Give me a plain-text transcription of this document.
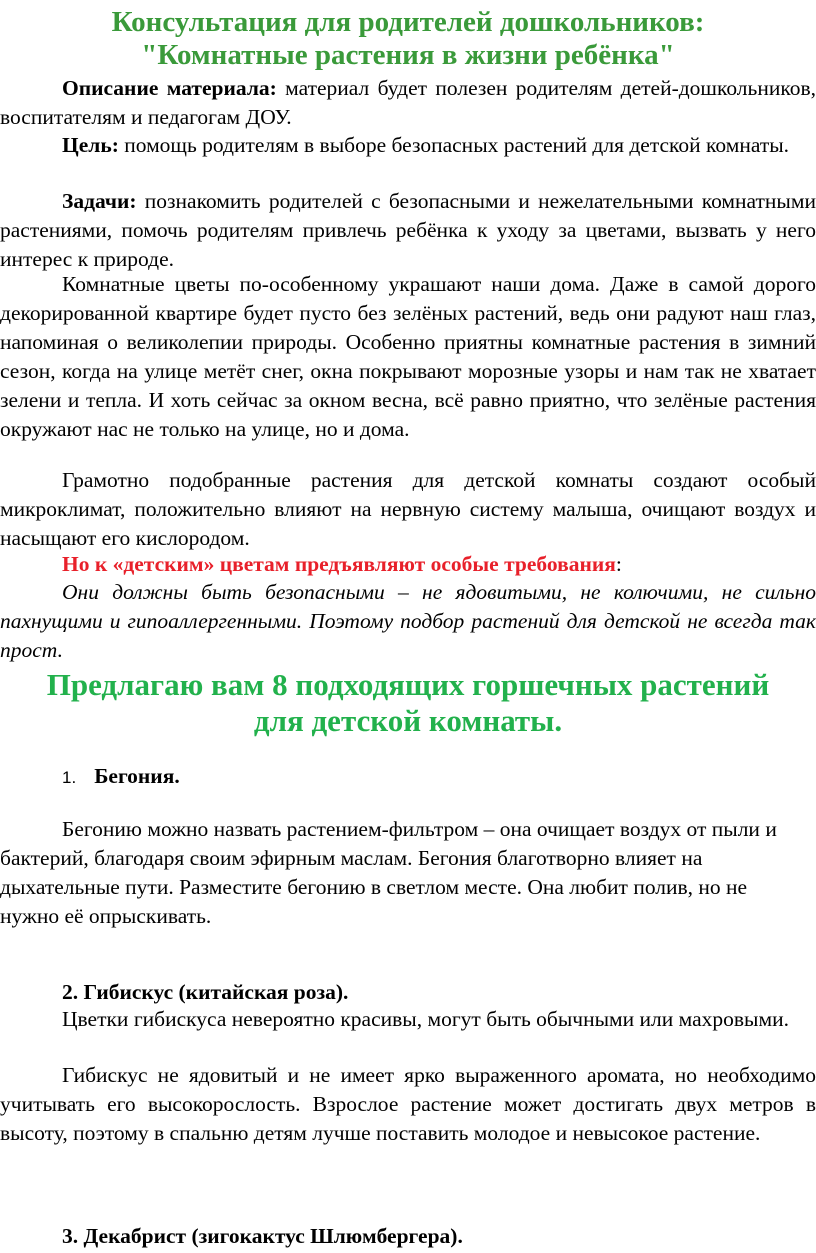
Консультация для родителей дошкольников:

"Комнатные растения в жизни ребёнка"

Описание материала: материал будет полезен родителям детей-дошкольников, воспитателям и педагогам ДОУ.

Цель: помощь родителям в выборе безопасных растений для детской комнаты.

Задачи: познакомить родителей с безопасными и нежелательными комнатными растениями, помочь родителям привлечь ребёнка к уходу за цветами, вызвать у него интерес к природе.

Комнатные цветы по-особенному украшают наши дома. Даже в самой дорого декорированной квартире будет пусто без зелёных растений, ведь они радуют наш глаз, напоминая о великолепии природы. Особенно приятны комнатные растения в зимний сезон, когда на улице метёт снег, окна покрывают морозные узоры и нам так не хватает зелени и тепла. И хоть сейчас за окном весна, всё равно приятно, что зелёные растения окружают нас не только на улице, но и дома.

Грамотно подобранные растения для детской комнаты создают особый микроклимат, положительно влияют на нервную систему малыша, очищают воздух и насыщают его кислородом.

Но к «детским» цветам предъявляют особые требования:

Они должны быть безопасными – не ядовитыми, не колючими, не сильно пахнущими и гипоаллергенными. Поэтому подбор растений для детской не всегда так прост.

Предлагаю вам 8 подходящих горшечных растений

для детской комнаты.

1. Бегония.

Бегонию можно назвать растением-фильтром – она очищает воздух от пыли и бактерий, благодаря своим эфирным маслам. Бегония благотворно влияет на дыхательные пути. Разместите бегонию в светлом месте. Она любит полив, но не нужно её опрыскивать.

2. Гибискус (китайская роза).

Цветки гибискуса невероятно красивы, могут быть обычными или махровыми.

Гибискус не ядовитый и не имеет ярко выраженного аромата, но необходимо учитывать его высокорослость. Взрослое растение может достигать двух метров в высоту, поэтому в спальню детям лучше поставить молодое и невысокое растение.

3. Декабрист (зигокактус Шлюмбергера).
